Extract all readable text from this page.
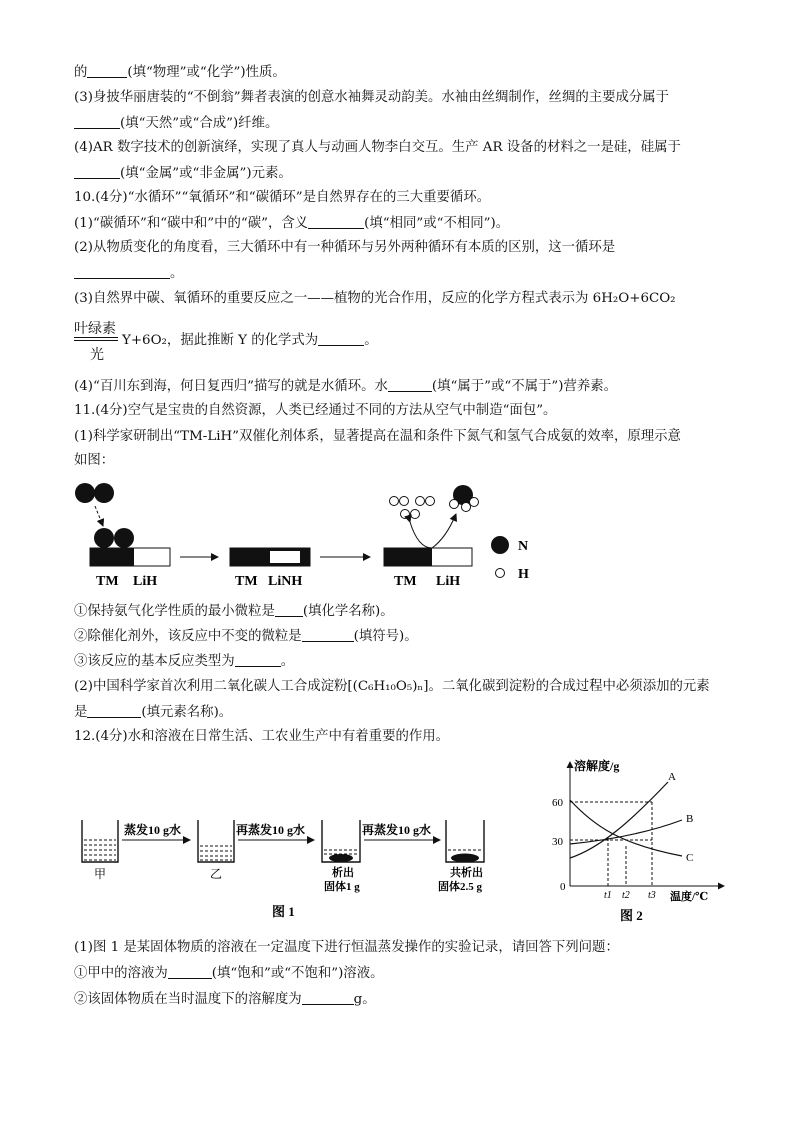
的	(填“物理”或“化学”)性质。
(3)身披华丽唐装的“不倒翁”舞者表演的创意水袖舞灵动韵美。水袖由丝绸制作，丝绸的主要成分属于
(填“天然”或“合成”)纤维。
(4)AR 数字技术的创新演绎，实现了真人与动画人物李白交互。生产 AR 设备的材料之一是硅，硅属于
(填“金属”或“非金属”)元素。
10.(4分)“水循环”“氧循环”和“碳循环”是自然界存在的三大重要循环。
(1)“碳循环”和“碳中和”中的“碳”，含义	(填“相同”或“不相同”)。
(2)从物质变化的角度看，三大循环中有一种循环与另外两种循环有本质的区别，这一循环是
。
(3)自然界中碳、氧循环的重要反应之一——植物的光合作用，反应的化学方程式表示为 6H₂O+6CO₂
叶绿素
光
Y+6O₂，据此推断 Y 的化学式为	。
(4)“百川东到海，何日复西归”描写的就是水循环。水	(填“属于”或“不属于”)营养素。
11.(4分)空气是宝贵的自然资源，人类已经通过不同的方法从空气中制造“面包”。
(1)科学家研制出“TM-LiH”双催化剂体系，显著提高在温和条件下氮气和氢气合成氨的效率，原理示意
如图：
TM LiH	TM LiNH	TM LiH
N
H
①保持氨气化学性质的最小微粒是 (填化学名称)。
②除催化剂外，该反应中不变的微粒是	(填符号)。
③该反应的基本反应类型为	。
(2)中国科学家首次利用二氧化碳人工合成淀粉[(C₆H₁₀O₅)ₙ]。二氧化碳到淀粉的合成过程中必须添加的元素
是	(填元素名称)。
12.(4分)水和溶液在日常生活、工农业生产中有着重要的作用。
甲
蒸发10 g水
乙
再蒸发10 g水
析出
固体1 g
再蒸发10 g水
共析出
固体2.5 g
图 1
溶解度/g
温度/℃
0
60
30
t1 t2 t3
A
B
C
图 2
(1)图 1 是某固体物质的溶液在一定温度下进行恒温蒸发操作的实验记录，请回答下列问题：
①甲中的溶液为	(填“饱和”或“不饱和”)溶液。
②该固体物质在当时温度下的溶解度为	g。
